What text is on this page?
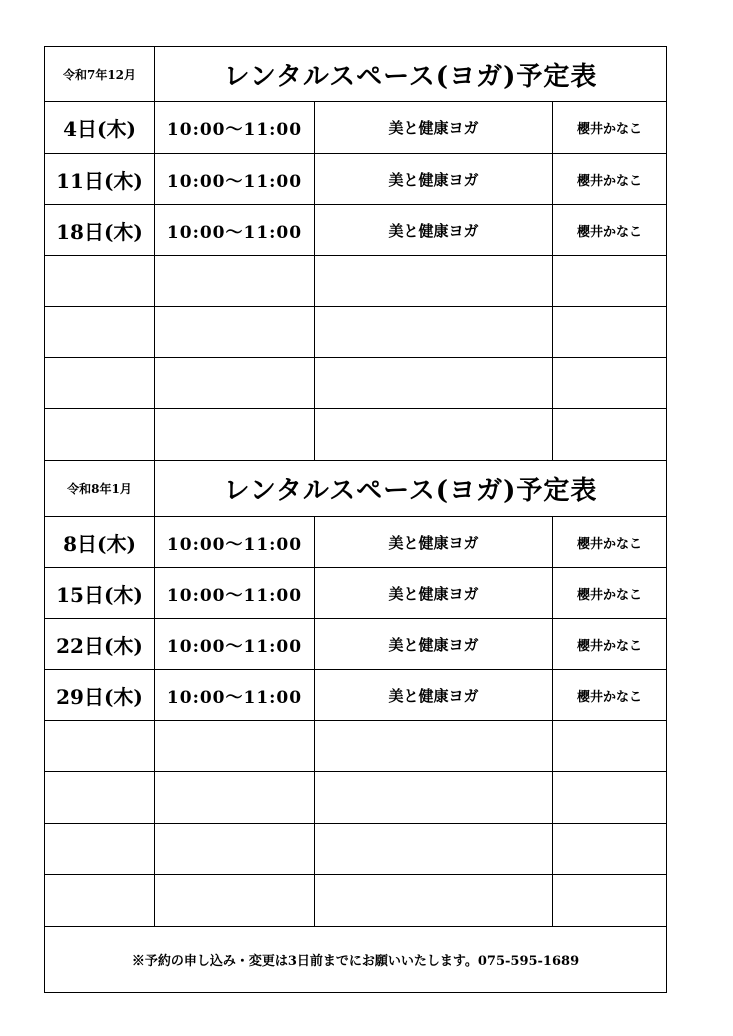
令和7年12月	レンタルスペース(ヨガ)予定表
4日(木)	10:00～11:00	美と健康ヨガ	櫻井かなこ
11日(木)	10:00～11:00	美と健康ヨガ	櫻井かなこ
18日(木)	10:00～11:00	美と健康ヨガ	櫻井かなこ
令和8年1月	レンタルスペース(ヨガ)予定表
8日(木)	10:00～11:00	美と健康ヨガ	櫻井かなこ
15日(木)	10:00～11:00	美と健康ヨガ	櫻井かなこ
22日(木)	10:00～11:00	美と健康ヨガ	櫻井かなこ
29日(木)	10:00～11:00	美と健康ヨガ	櫻井かなこ
※予約の申し込み・変更は3日前までにお願いいたします。075-595-1689
